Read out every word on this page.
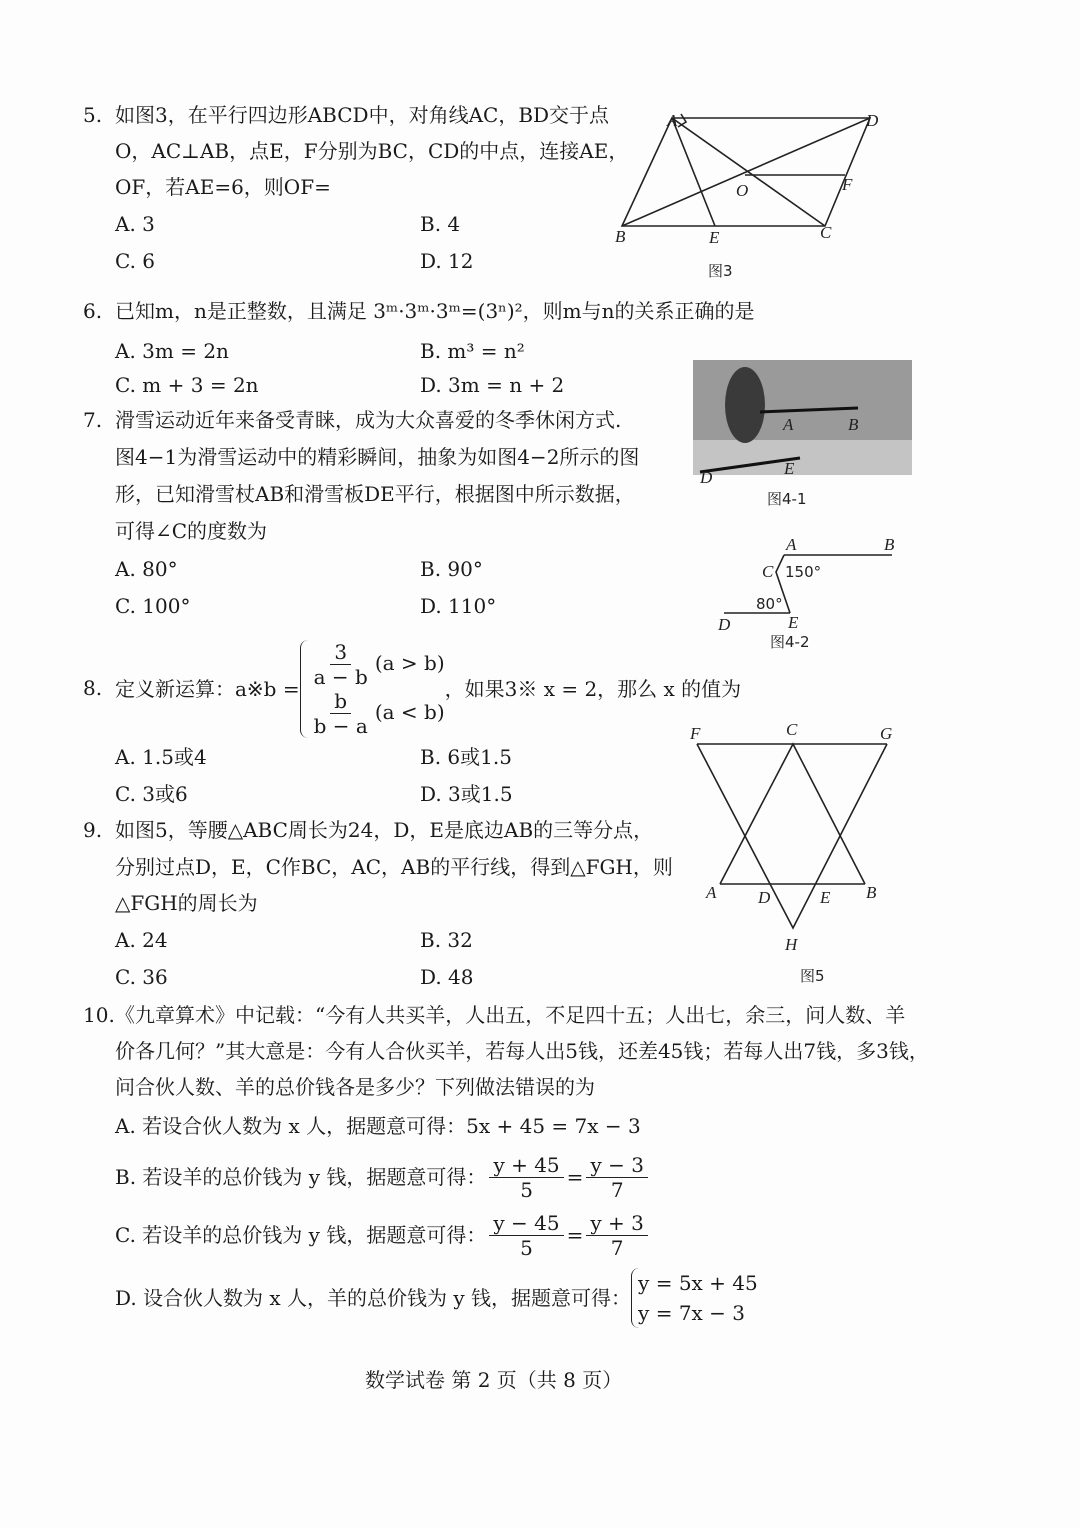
A	D
B	C
E
F
O
图3
A	B
D	E
图4-1
A	B
C
D	E
150°
80°
图4-2
F	C	G
A D	E B
H
图5
5. 如图3，在平行四边形ABCD中，对角线AC，BD交于点
O，AC⊥AB，点E，F分别为BC，CD的中点，连接AE，
OF，若AE=6，则OF=
A. 3	B. 4
C. 6	D. 12
6. 已知m，n是正整数，且满足 3ᵐ·3ᵐ·3ᵐ=(3ⁿ)²，则m与n的关系正确的是
A. 3m = 2n	B. m³ = n²
C. m + 3 = 2n	D. 3m = n + 2
7. 滑雪运动近年来备受青睐，成为大众喜爱的冬季休闲方式.
图4−1为滑雪运动中的精彩瞬间，抽象为如图4−2所示的图
形，已知滑雪杖AB和滑雪板DE平行，根据图中所示数据，
可得∠C的度数为
A. 80°	B. 90°
C. 100°	D. 110°
8. 定义新运算：a※b = $\frac{3}{a - b} (a > b)$
$\frac{b}{b - a} (a < b)$
，如果3※ x = 2，那么 x 的值为
A. 1.5或4	B. 6或1.5
C. 3或6	D. 3或1.5
9. 如图5，等腰△ABC周长为24，D，E是底边AB的三等分点，
分别过点D，E，C作BC，AC，AB的平行线，得到△FGH，则
△FGH的周长为
A. 24	B. 32
C. 36	D. 48
10. 《九章算术》中记载：“今有人共买羊，人出五，不足四十五；人出七，余三，问人数、羊
价各几何？”其大意是：今有人合伙买羊，若每人出5钱，还差45钱；若每人出7钱，多3钱，
问合伙人数、羊的总价钱各是多少？下列做法错误的为
A. 若设合伙人数为 x 人，据题意可得：5x + 45 = 7x − 3
B. 若设羊的总价钱为 y 钱，据题意可得： $\frac{y + 45}{5} = \frac{y - 3}{7}$
C. 若设羊的总价钱为 y 钱，据题意可得： $\frac{y - 45}{5} = \frac{y + 3}{7}$
D. 设合伙人数为 x 人，羊的总价钱为 y 钱，据题意可得：
y = 5x + 45
y = 7x − 3
数学试卷 第 2 页（共 8 页）
